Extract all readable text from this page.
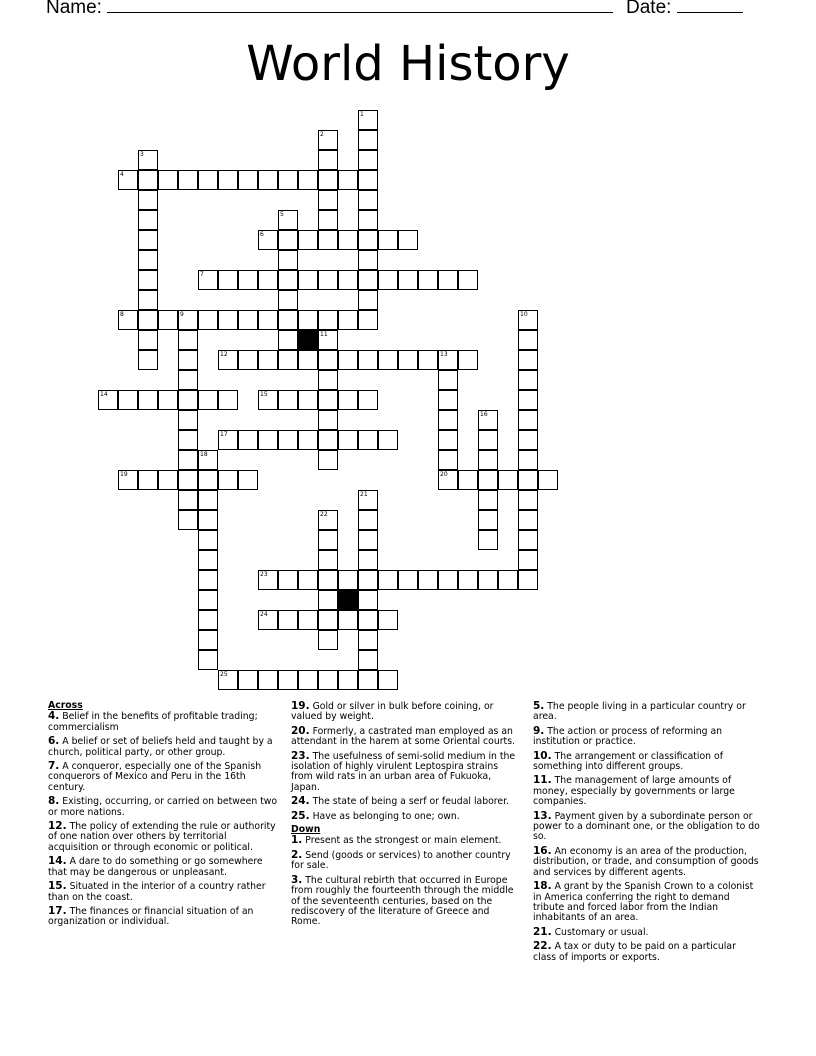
Name:	Date:
World History
1
2
3
4
5
6
7
8	9	10
11
12	13
14	15
16
17
18
19	20
21
22
23
24
25
Across
4. Belief in the benefits of profitable trading; commercialism
6. A belief or set of beliefs held and taught by a church, political party, or other group.
7. A conqueror, especially one of the Spanish conquerors of Mexico and Peru in the 16th century.
8. Existing, occurring, or carried on between two or more nations.
12. The policy of extending the rule or authority of one nation over others by territorial acquisition or through economic or political.
14. A dare to do something or go somewhere that may be dangerous or unpleasant.
15. Situated in the interior of a country rather than on the coast.
17. The finances or financial situation of an organization or individual.
19. Gold or silver in bulk before coining, or valued by weight.
20. Formerly, a castrated man employed as an attendant in the harem at some Oriental courts.
23. The usefulness of semi-solid medium in the isolation of highly virulent Leptospira strains from wild rats in an urban area of Fukuoka, Japan.
24. The state of being a serf or feudal laborer.
25. Have as belonging to one; own.
Down
1. Present as the strongest or main element.
2. Send (goods or services) to another country for sale.
3. The cultural rebirth that occurred in Europe from roughly the fourteenth through the middle of the seventeenth centuries, based on the rediscovery of the literature of Greece and Rome.
5. The people living in a particular country or area.
9. The action or process of reforming an institution or practice.
10. The arrangement or classification of something into different groups.
11. The management of large amounts of money, especially by governments or large companies.
13. Payment given by a subordinate person or power to a dominant one, or the obligation to do so.
16. An economy is an area of the production, distribution, or trade, and consumption of goods and services by different agents.
18. A grant by the Spanish Crown to a colonist in America conferring the right to demand tribute and forced labor from the Indian inhabitants of an area.
21. Customary or usual.
22. A tax or duty to be paid on a particular class of imports or exports.
